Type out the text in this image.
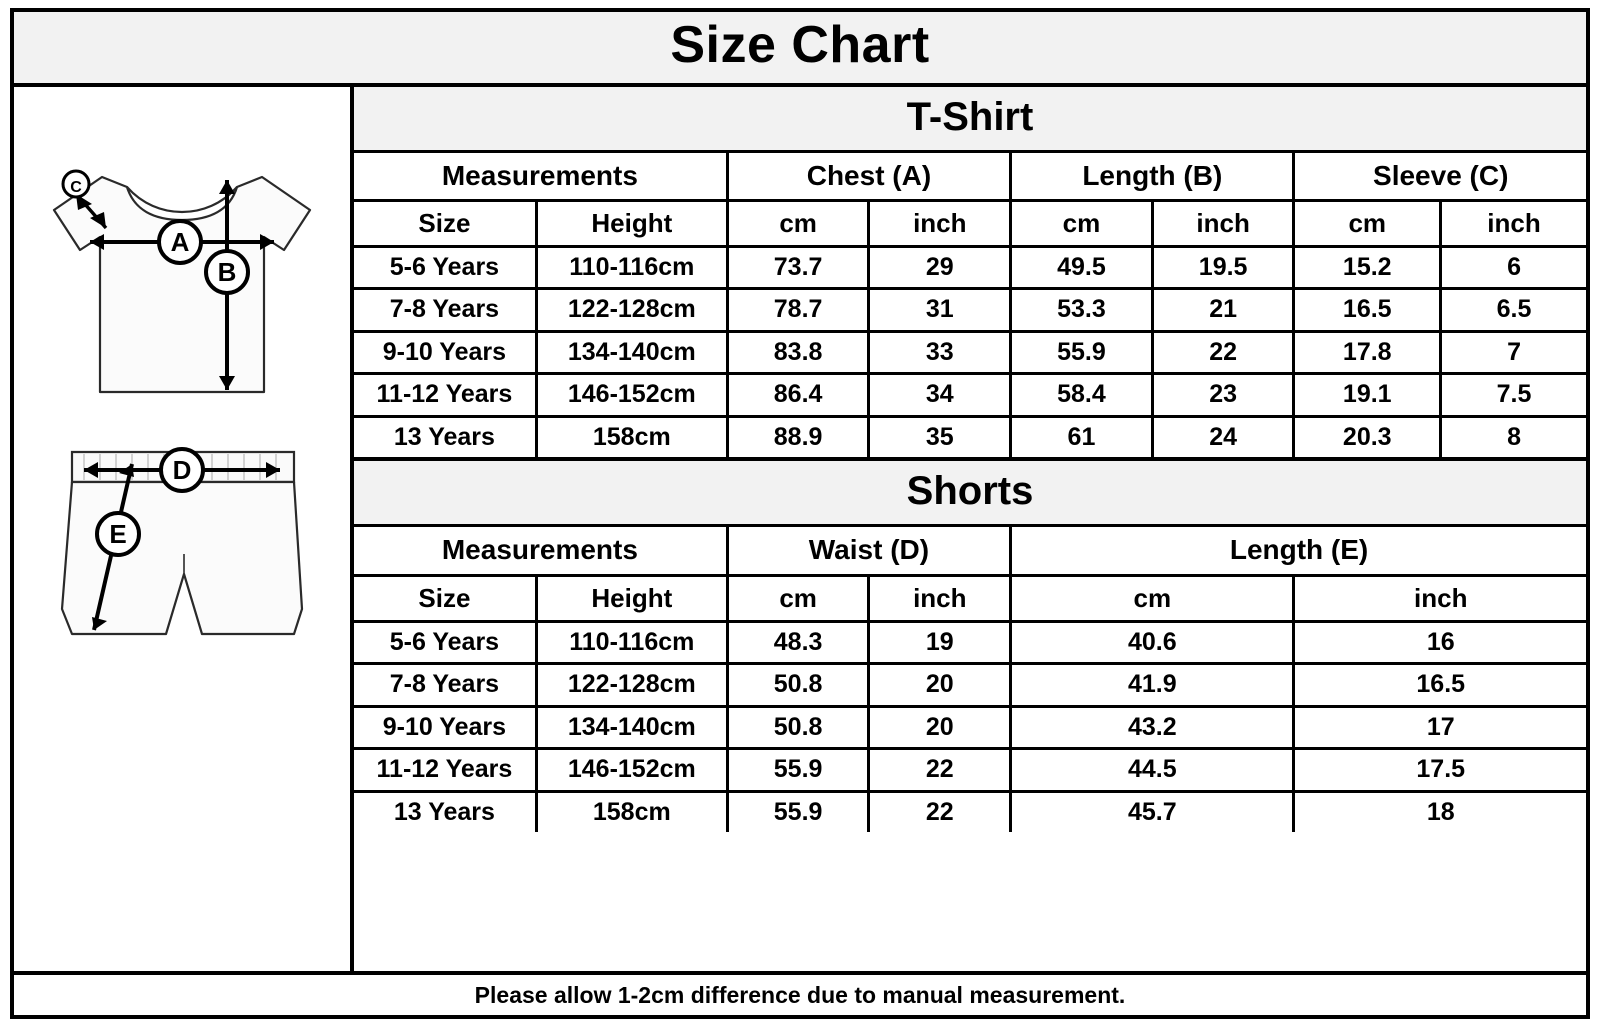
Size Chart
A
B
C
D
E
T-Shirt
Measurements		Chest (A)		Length (B)		Sleeve (C)	
Size	Height	cm	inch	cm	inch	cm	inch
5-6 Years	110-116cm	73.7	29	49.5	19.5	15.2	6
7-8 Years	122-128cm	78.7	31	53.3	21	16.5	6.5
9-10 Years	134-140cm	83.8	33	55.9	22	17.8	7
11-12 Years	146-152cm	86.4	34	58.4	23	19.1	7.5
13 Years	158cm	88.9	35	61	24	20.3	8
Shorts
Measurements		Waist (D)		Length (E)	
Size	Height	cm	inch	cm	inch
5-6 Years	110-116cm	48.3	19	40.6	16
7-8 Years	122-128cm	50.8	20	41.9	16.5
9-10 Years	134-140cm	50.8	20	43.2	17
11-12 Years	146-152cm	55.9	22	44.5	17.5
13 Years	158cm	55.9	22	45.7	18
Please allow 1-2cm difference due to manual measurement.
